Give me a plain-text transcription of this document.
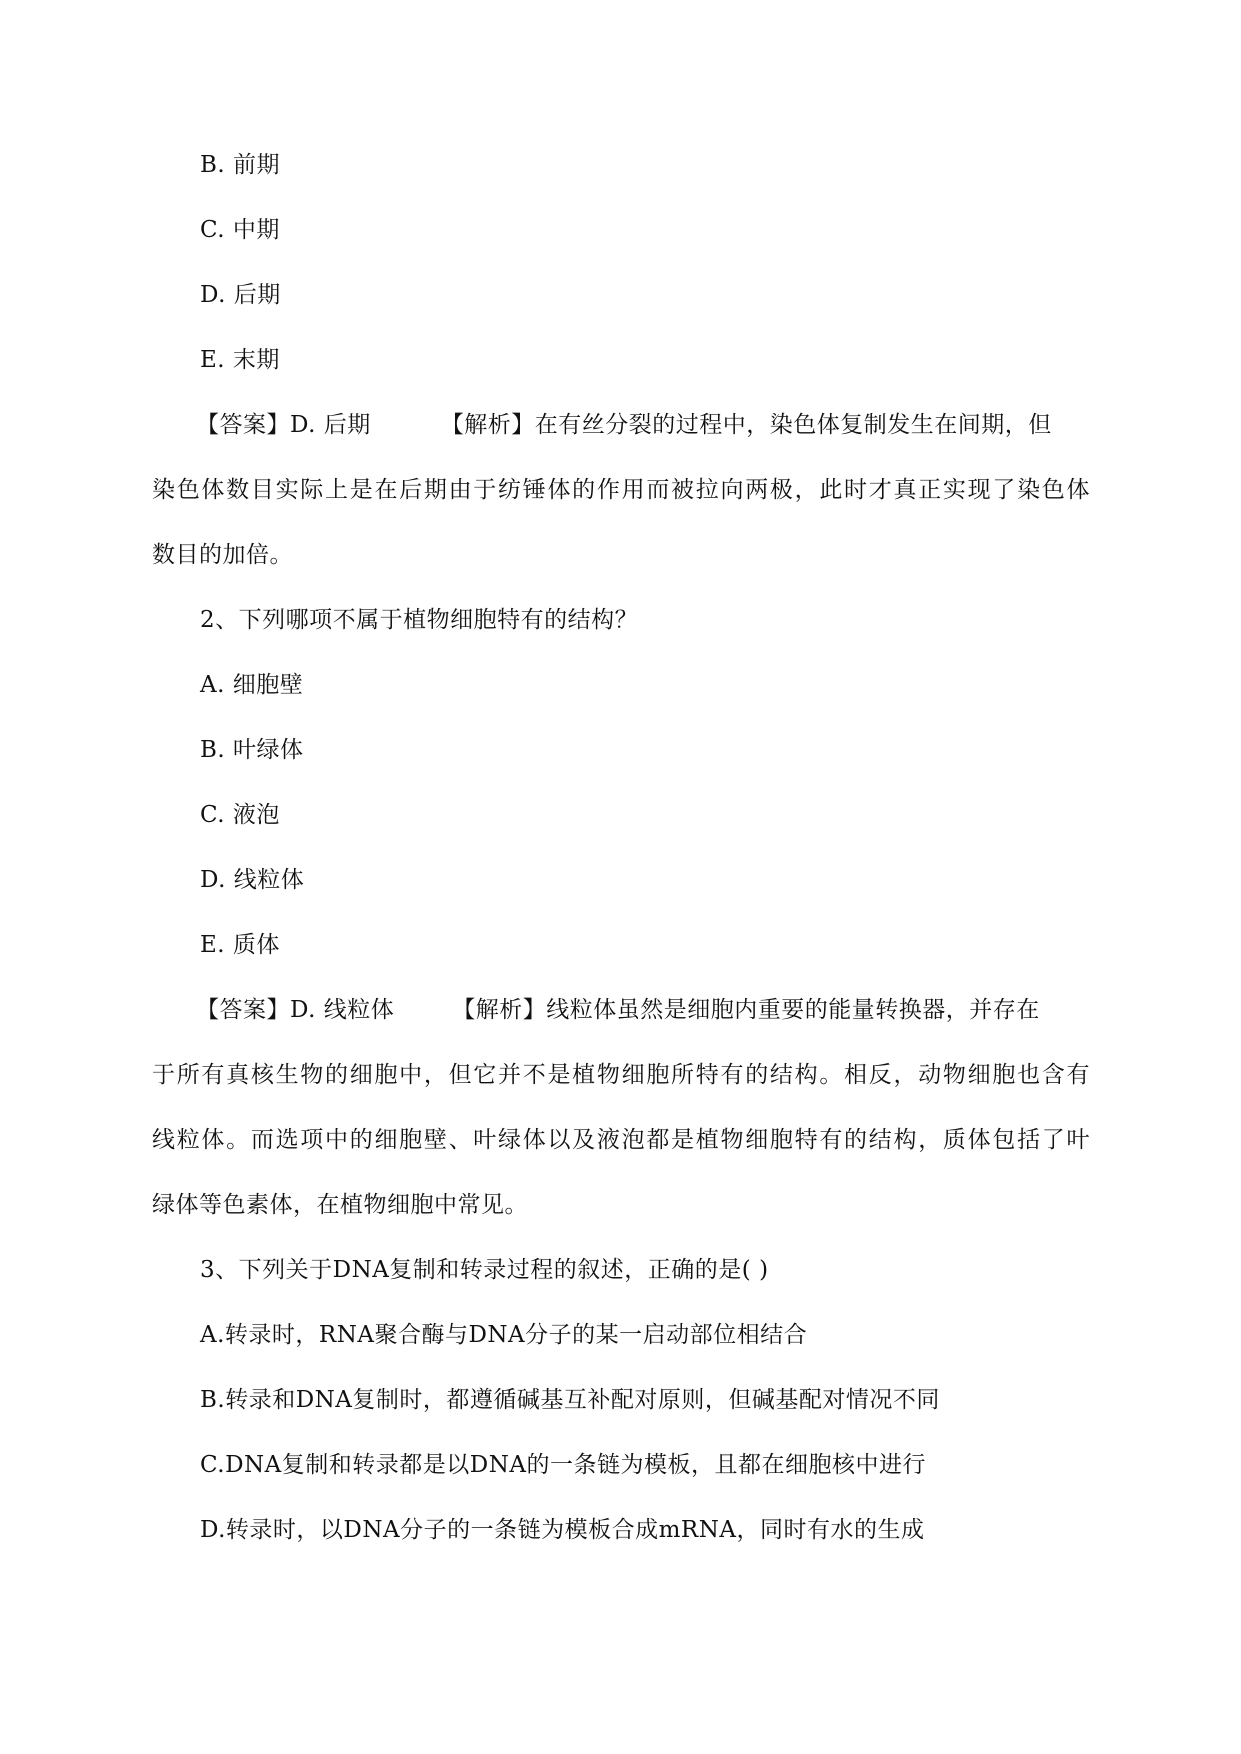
B. 前期
C. 中期
D. 后期
E. 末期
【答案】D. 后期	【解析】在有丝分裂的过程中，染色体复制发生在间期，但
染色体数目实际上是在后期由于纺锤体的作用而被拉向两极，此时才真正实现了染色体
数目的加倍。
2、下列哪项不属于植物细胞特有的结构？
A. 细胞壁
B. 叶绿体
C. 液泡
D. 线粒体
E. 质体
【答案】D. 线粒体	【解析】线粒体虽然是细胞内重要的能量转换器，并存在
于所有真核生物的细胞中，但它并不是植物细胞所特有的结构。相反，动物细胞也含有
线粒体。而选项中的细胞壁、叶绿体以及液泡都是植物细胞特有的结构，质体包括了叶
绿体等色素体，在植物细胞中常见。
3、下列关于DNA复制和转录过程的叙述，正确的是( )
A.转录时，RNA聚合酶与DNA分子的某一启动部位相结合
B.转录和DNA复制时，都遵循碱基互补配对原则，但碱基配对情况不同
C.DNA复制和转录都是以DNA的一条链为模板，且都在细胞核中进行
D.转录时，以DNA分子的一条链为模板合成mRNA，同时有水的生成
